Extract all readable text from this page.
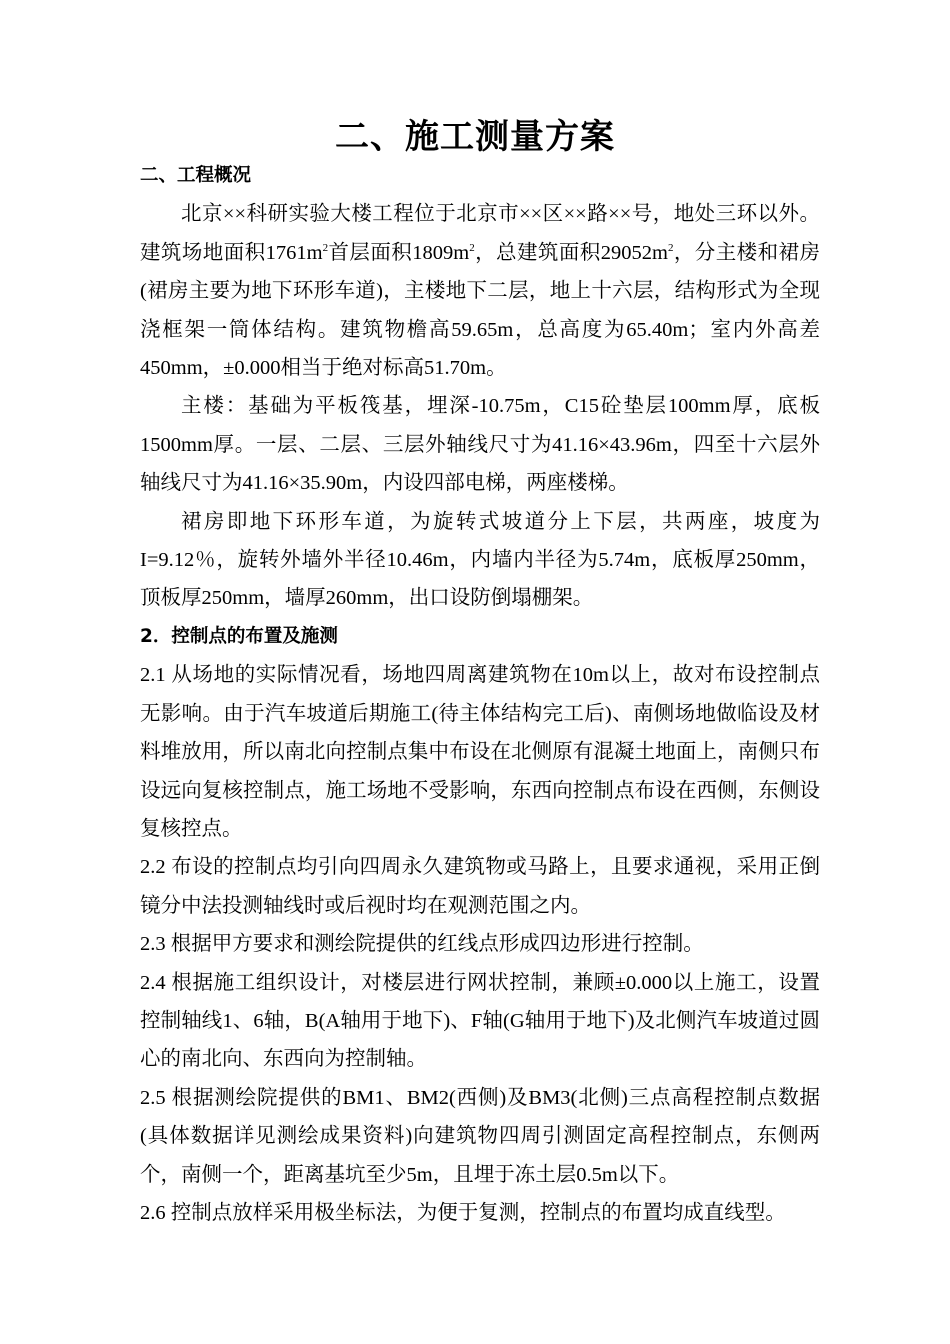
二、施工测量方案

二、工程概况

北京××科研实验大楼工程位于北京市××区××路××号，地处三环以外。建筑场地面积$1761m^2$首层面积$1809m^2$，总建筑面积$29052m^2$，分主楼和裙房(裙房主要为地下环形车道)，主楼地下二层，地上十六层，结构形式为全现浇框架一筒体结构。建筑物檐高59.65m，总高度为65.40m；室内外高差450mm，±0.000相当于绝对标高51.70m。

主楼：基础为平板筏基，埋深-10.75m，C15砼垫层100mm厚，底板1500mm厚。一层、二层、三层外轴线尺寸为41.16×43.96m，四至十六层外轴线尺寸为41.16×35.90m，内设四部电梯，两座楼梯。

裙房即地下环形车道，为旋转式坡道分上下层，共两座，坡度为I=9.12％，旋转外墙外半径10.46m，内墙内半径为5.74m，底板厚250mm，顶板厚250mm，墙厚260mm，出口设防倒塌棚架。

2．控制点的布置及施测

2.1 从场地的实际情况看，场地四周离建筑物在10m以上，故对布设控制点无影响。由于汽车坡道后期施工(待主体结构完工后)、南侧场地做临设及材料堆放用，所以南北向控制点集中布设在北侧原有混凝土地面上，南侧只布设远向复核控制点，施工场地不受影响，东西向控制点布设在西侧，东侧设复核控点。

2.2 布设的控制点均引向四周永久建筑物或马路上，且要求通视，采用正倒镜分中法投测轴线时或后视时均在观测范围之内。

2.3 根据甲方要求和测绘院提供的红线点形成四边形进行控制。

2.4 根据施工组织设计，对楼层进行网状控制，兼顾±0.000以上施工，设置控制轴线1、6轴，B(A轴用于地下)、F轴(G轴用于地下)及北侧汽车坡道过圆心的南北向、东西向为控制轴。

2.5 根据测绘院提供的BM1、BM2(西侧)及BM3(北侧)三点高程控制点数据(具体数据详见测绘成果资料)向建筑物四周引测固定高程控制点，东侧两个，南侧一个，距离基坑至少5m，且埋于冻土层0.5m以下。

2.6 控制点放样采用极坐标法，为便于复测，控制点的布置均成直线型。
